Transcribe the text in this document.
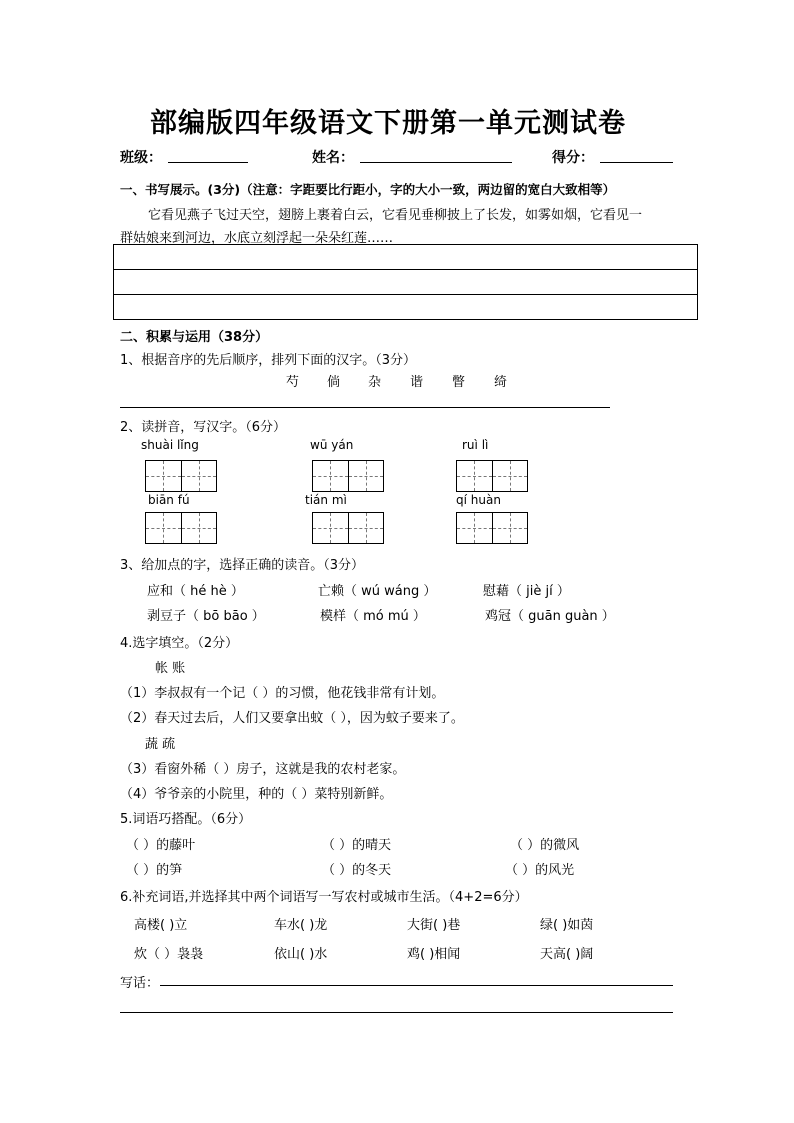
部编版四年级语文下册第一单元测试卷
班级：	姓名：	得分：
一、书写展示。(3分)（注意：字距要比行距小，字的大小一致，两边留的宽白大致相等）
它看见燕子飞过天空，翅膀上裹着白云，它看见垂柳披上了长发，如雾如烟，它看见一
群姑娘来到河边，水底立刻浮起一朵朵红莲……
二、积累与运用（38分）
1、根据音序的先后顺序，排列下面的汉字。（3分）
芍 倘 杂 谐 瞥 绮
2、读拼音，写汉字。（6分）
shuài lǐng	wū yán	ruì lì
biān fú	tián mì	qí huàn
3、给加点的字，选择正确的读音。（3分）
应和（ hé hè ）	亡赖（ wú wáng ）	慰藉（ jiè jí ）
剥豆子（ bō bāo ）	模样（ mó mú ）	鸡冠（ guān guàn ）
4.选字填空。（2分）
帐 账
（1）李叔叔有一个记（ ）的习惯，他花钱非常有计划。
（2）春天过去后，人们又要拿出蚊（ ），因为蚊子要来了。
蔬 疏
（3）看窗外稀（ ）房子，这就是我的农村老家。
（4）爷爷亲的小院里，种的（ ）菜特别新鲜。
5.词语巧搭配。（6分）
（ ）的藤叶	（ ）的晴天	（ ）的微风
（ ）的笋	（ ）的冬天	（ ）的风光
6.补充词语,并选择其中两个词语写一写农村或城市生活。（4+2=6分）
高楼( )立	车水( )龙	大街( )巷	绿( )如茵
炊（ ）袅袅	依山( )水	鸡( )相闻	天高( )阔
写话：
